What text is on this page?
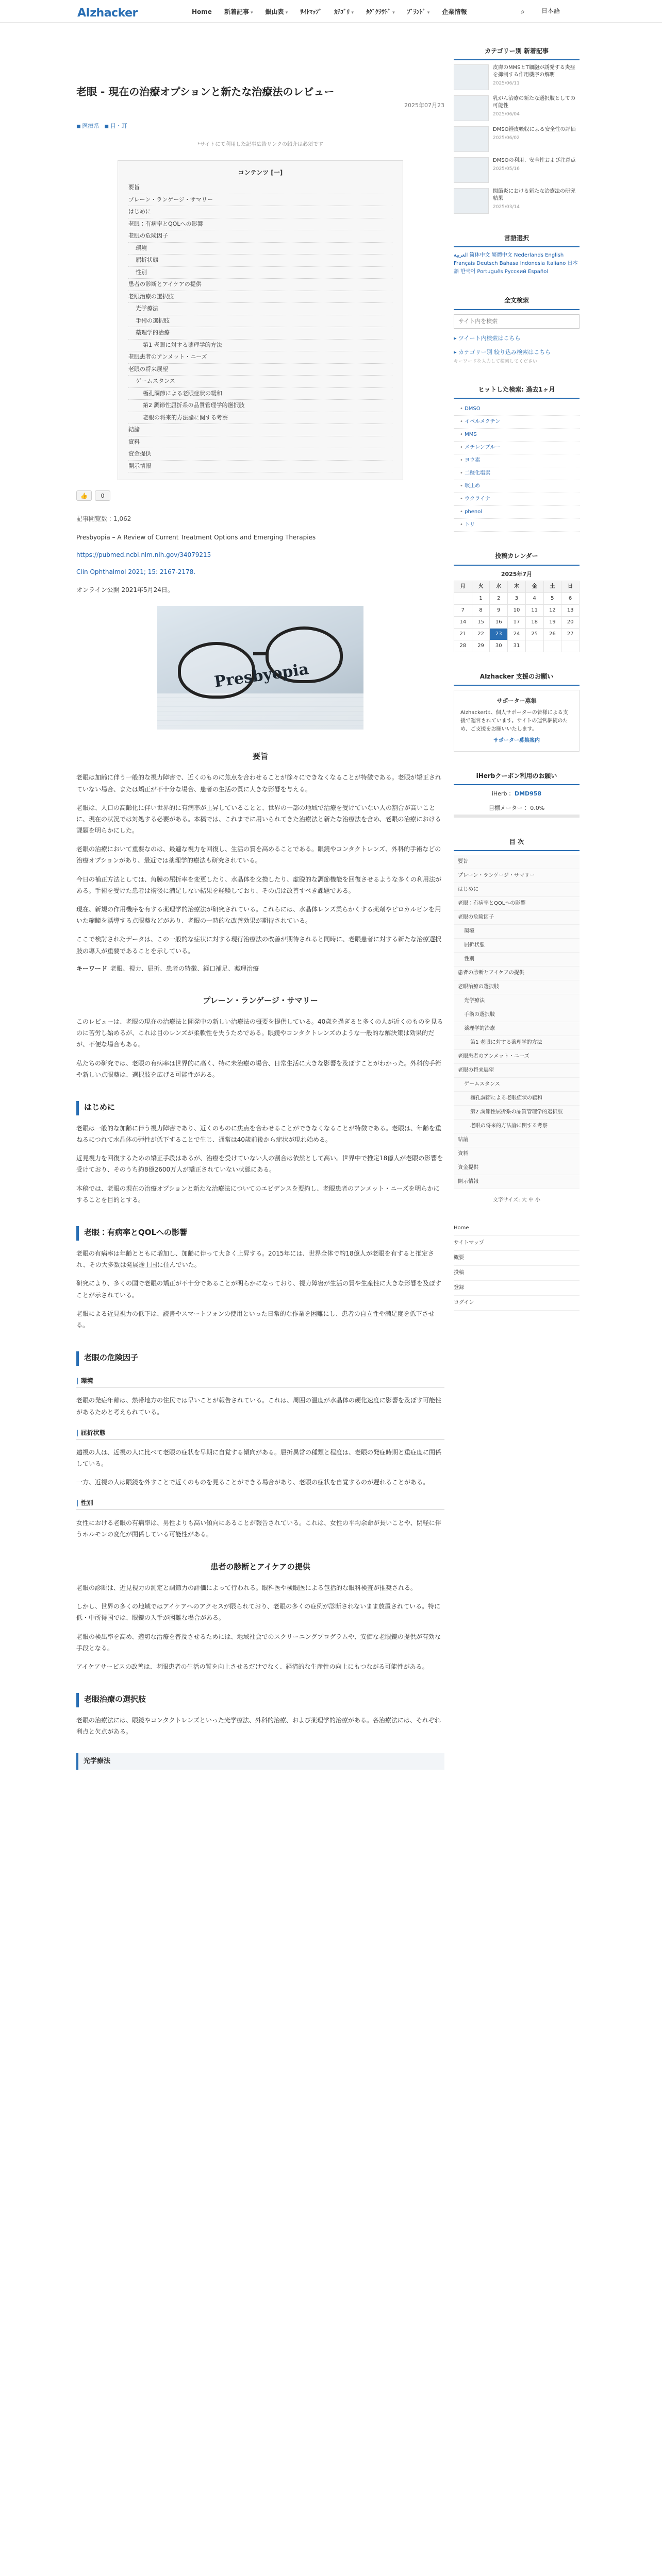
AIzhacker	Home 新着記事 ▾	銀山表 ▾	ｻｲﾄﾏｯﾌﾟ ｶﾃｺﾞﾘ ▾	ﾀｸﾞｸﾗｳﾄﾞ ▾	ﾌﾞﾗﾝﾄﾞ ▾	企業情報	⌕	日本語
老眼 - 現在の治療オプションと新たな治療法のレビュー
2025年07月23
■ 医療系	■ 目・耳
*サイトにて利用した記事広告リンクの紹介は必須です
コンテンツ [一]
要旨
プレーン・ランゲージ・サマリー
はじめに
老眼：有病率とQOLへの影響
老眼の危険因子
環境
屈折状態
性別
患者の診断とアイケアの提供
老眼治療の選択肢
光学療法
手術の選択肢
薬理学的治療
第1 老眼に対する薬理学的方法
老眼患者のアンメット・ニーズ
老眼の将来展望
ゲームスタンス
極孔調節による老眼症状の緩和
第2 調節性屈折系の品質管理学的選択肢
老眼の将来的方法論に関する考察
結論
資料
資金提供
開示情報
👍	0
記事閲覧数：1,062

Presbyopia – A Review of Current Treatment Options and Emerging Therapies

https://pubmed.ncbi.nlm.nih.gov/34079215

Clin Ophthalmol 2021; 15: 2167-2178.

オンライン公開 2021年5月24日。

Presbyopia
要旨

老眼は加齢に伴う一般的な視力障害で、近くのものに焦点を合わせることが徐々にできなくなることが特徴である。老眼が矯正されていない場合、または矯正が不十分な場合、患者の生活の質に大きな影響を与える。

老眼は、人口の高齢化に伴い世界的に有病率が上昇していることと、世界の一部の地域で治療を受けていない人の割合が高いことに、現在の状況では対処する必要がある。本稿では、これまでに用いられてきた治療法と新たな治療法を含め、老眼の治療における課題を明らかにした。

老眼の治療において重要なのは、最適な視力を回復し、生活の質を高めることである。眼鏡やコンタクトレンズ、外科的手術などの治療オプションがあり、最近では薬理学的療法も研究されている。

今日の補正方法としては、角膜の屈折率を変更したり、水晶体を交換したり、虚脱的な調節機能を回復させるような多くの利用法がある。手術を受けた患者は術後に満足しない結果を経験しており、その点は改善すべき課題である。

現在、新規の作用機序を有する薬理学的治療法が研究されている。これらには、水晶体レンズ柔らかくする薬剤やピロカルピンを用いた縮瞳を誘導する点眼薬などがあり、老眼の一時的な改善効果が期待されている。

ここで検討されたデータは、この一般的な症状に対する現行治療法の改善が期待されると同時に、老眼患者に対する新たな治療選択肢の導入が重要であることを示している。

キーワード 老眼、視力、屈折、患者の特徴、経口補足、薬理治療
プレーン・ランゲージ・サマリー

このレビューは、老眼の現在の治療法と開発中の新しい治療法の概要を提供している。40歳を過ぎると多くの人が近くのものを見るのに苦労し始めるが、これは目のレンズが柔軟性を失うためである。眼鏡やコンタクトレンズのような一般的な解決策は効果的だが、不便な場合もある。

私たちの研究では、老眼の有病率は世界的に高く、特に未治療の場合、日常生活に大きな影響を及ぼすことがわかった。外科的手術や新しい点眼薬は、選択肢を広げる可能性がある。

はじめに

老眼は一般的な加齢に伴う視力障害であり、近くのものに焦点を合わせることができなくなることが特徴である。老眼は、年齢を重ねるにつれて水晶体の弾性が低下することで生じ、通常は40歳前後から症状が現れ始める。

近見視力を回復するための矯正手段はあるが、治療を受けていない人の割合は依然として高い。世界中で推定18億人が老眼の影響を受けており、そのうち約8億2600万人が矯正されていない状態にある。

本稿では、老眼の現在の治療オプションと新たな治療法についてのエビデンスを要約し、老眼患者のアンメット・ニーズを明らかにすることを目的とする。

老眼：有病率とQOLへの影響

老眼の有病率は年齢とともに増加し、加齢に伴って大きく上昇する。2015年には、世界全体で約18億人が老眼を有すると推定され、その大多数は発展途上国に住んでいた。

研究により、多くの国で老眼の矯正が不十分であることが明らかになっており、視力障害が生活の質や生産性に大きな影響を及ぼすことが示されている。

老眼による近見視力の低下は、読書やスマートフォンの使用といった日常的な作業を困難にし、患者の自立性や満足度を低下させる。

老眼の危険因子
| 環境

老眼の発症年齢は、熱帯地方の住民では早いことが報告されている。これは、周囲の温度が水晶体の硬化速度に影響を及ぼす可能性があるためと考えられている。

| 屈折状態

遠視の人は、近視の人に比べて老眼の症状を早期に自覚する傾向がある。屈折異常の種類と程度は、老眼の発症時期と重症度に関係している。

一方、近視の人は眼鏡を外すことで近くのものを見ることができる場合があり、老眼の症状を自覚するのが遅れることがある。

| 性別

女性における老眼の有病率は、男性よりも高い傾向にあることが報告されている。これは、女性の平均余命が長いことや、閉経に伴うホルモンの変化が関係している可能性がある。

患者の診断とアイケアの提供

老眼の診断は、近見視力の測定と調節力の評価によって行われる。眼科医や検眼医による包括的な眼科検査が推奨される。

しかし、世界の多くの地域ではアイケアへのアクセスが限られており、老眼の多くの症例が診断されないまま放置されている。特に低・中所得国では、眼鏡の入手が困難な場合がある。

老眼の検出率を高め、適切な治療を普及させるためには、地域社会でのスクリーニングプログラムや、安価な老眼鏡の提供が有効な手段となる。

アイケアサービスの改善は、老眼患者の生活の質を向上させるだけでなく、経済的な生産性の向上にもつながる可能性がある。

老眼治療の選択肢

老眼の治療法には、眼鏡やコンタクトレンズといった光学療法、外科的治療、および薬理学的治療がある。各治療法には、それぞれ利点と欠点がある。

光学療法
カテゴリー別 新着記事
皮膚のMMSとT細胞が誘発する炎症を抑制する作用機序の解明
2025/06/11
乳がん治療の新たな選択肢としての可能性
2025/06/04
DMSO経皮吸収による安全性の評価
2025/06/02
DMSOの利用、安全性および注意点
2025/05/16
関節炎における新たな治療法の研究結果
2025/03/14
言語選択
العربية 简体中文 繁體中文 Nederlands English Français Deutsch Bahasa Indonesia Italiano 日本語 한국어 Português Русский Español
全文検索
サイト内を検索
▸ ツイート内検索はこちら
▸ カテゴリー別 絞り込み検索はこちら
キーワードを入力して検索してください
ヒットした検索: 過去1ヶ月
• DMSO
• イベルメクチン
• MMS
• メチレンブルー
• ヨウ素
• 二酸化塩素
• 咳止め
• ウクライナ
• phenol
• トリ
投稿カレンダー
2025年7月
月	火	水	木	金	土	日
	1	2	3	4	5	6
7	8	9	10	11	12	13
14	15	16	17	18	19	20
21	22	23	24	25	26	27
28	29	30	31			
AIzhacker 支援のお願い
サポーター募集
AIzhackerは、個人サポーターの皆様による支援で運営されています。サイトの運営継続のため、ご支援をお願いいたします。
サポーター募集案内
iHerbクーポン利用のお願い
iHerb： DMD958
目標メーター： 0.0%
目 次
要旨
プレーン・ランゲージ・サマリー
はじめに
老眼：有病率とQOLへの影響
老眼の危険因子
環境
屈折状態
性別
患者の診断とアイケアの提供
老眼治療の選択肢
光学療法
手術の選択肢
薬理学的治療
第1 老眼に対する薬理学的方法
老眼患者のアンメット・ニーズ
老眼の将来展望
ゲームスタンス
極孔調節による老眼症状の緩和
第2 調節性屈折系の品質管理学的選択肢
老眼の将来的方法論に関する考察
結論
資料
資金提供
開示情報
文字サイズ: 大 中 小
Home
サイトマップ
概要
投稿
登録
ログイン
